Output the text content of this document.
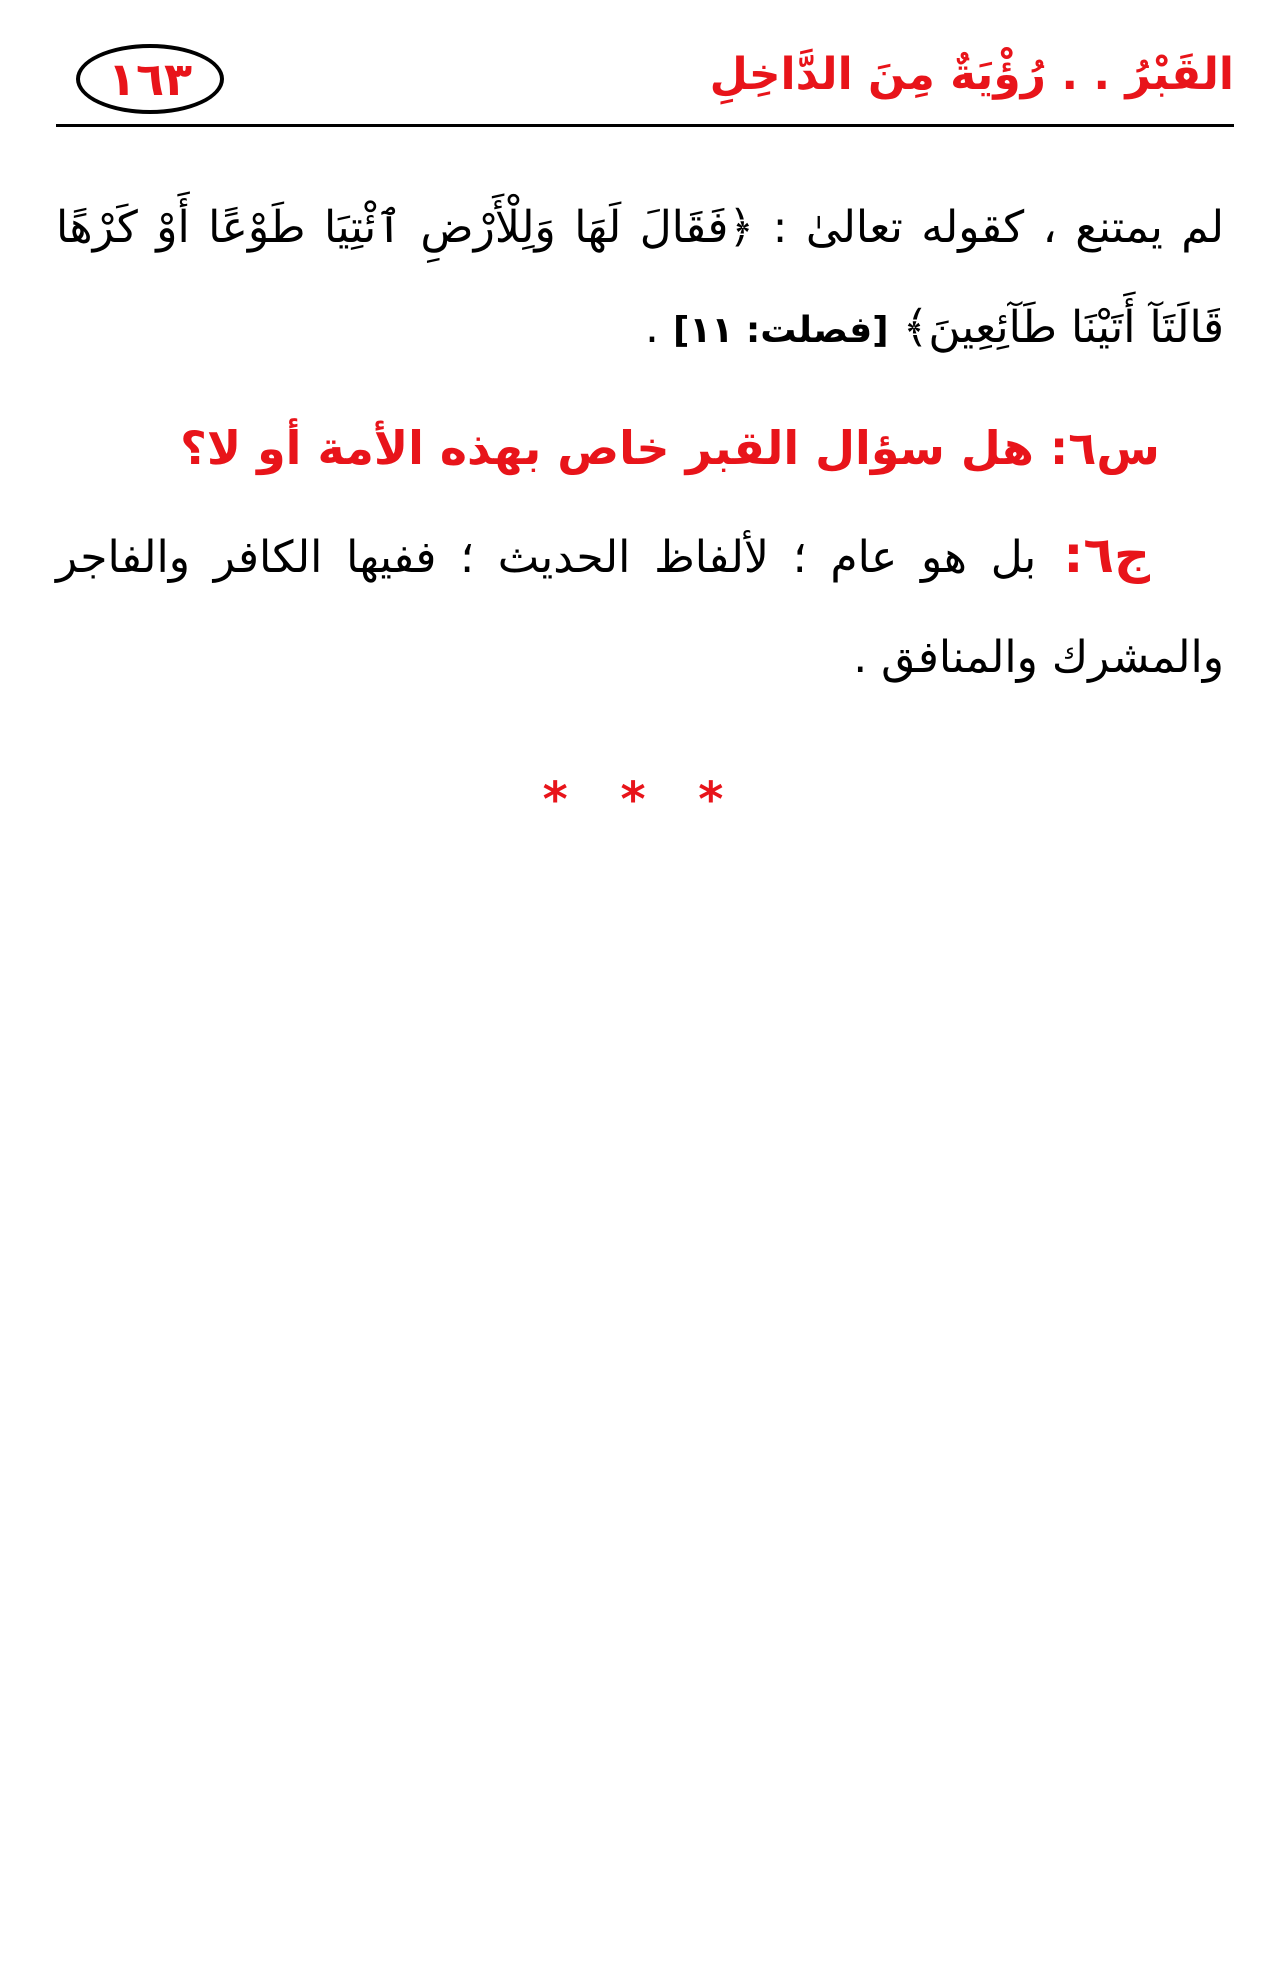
١٦٣	القَبْرُ . . رُؤْيَةٌ مِنَ الدَّاخِلِ

لم يمتنع ، كقوله تعالىٰ : ﴿فَقَالَ لَهَا وَلِلْأَرْضِ ٱئْتِيَا طَوْعًا أَوْ كَرْهًا قَالَتَآ أَتَيْنَا طَآئِعِينَ﴾ [فصلت: ١١] .

س٦: هل سؤال القبر خاص بهذه الأمة أو لا؟

ج٦: بل هو عام ؛ لألفاظ الحديث ؛ ففيها الكافر والفاجر والمشرك والمنافق .

* * *
